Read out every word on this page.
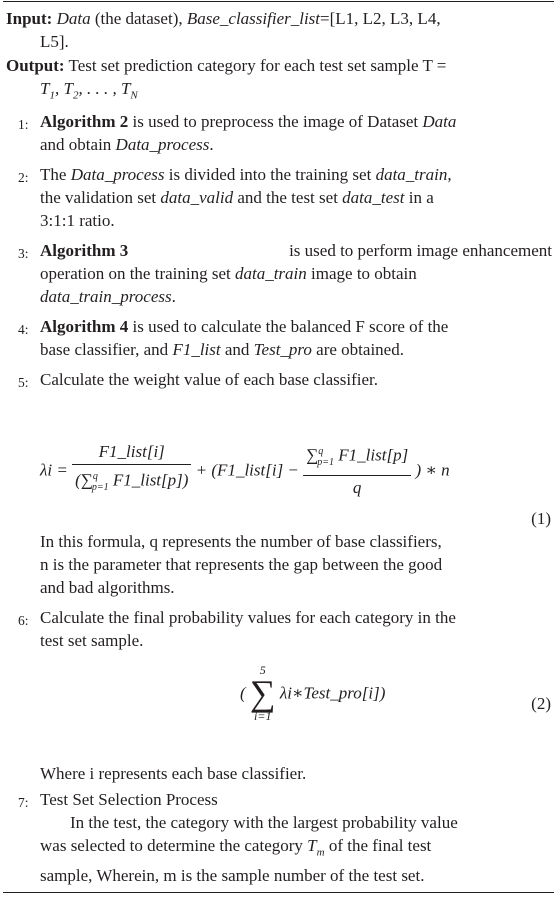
Input: Data (the dataset), Base_classifier_list=[L1, L2, L3, L4,
L5].
Output: Test set prediction category for each test set sample T =
$T_1$, $T_2$, . . . , $T_N$
1: Algorithm 2 is used to preprocess the image of Dataset Data
and obtain Data_process.
2: The Data_process is divided into the training set data_train,
the validation set data_valid and the test set data_test in a
3:1:1 ratio.
3: Algorithm 3	is used to perform image enhancement
operation on the training set data_train image to obtain
data_train_process.
4: Algorithm 4 is used to calculate the balanced F score of the
base classifier, and F1_list and Test_pro are obtained.
5: Calculate the weight value of each base classifier.
$\lambda i = \frac{\text{F1\_list[i]}}{(\sum^q_{p=1} F1\_list[p])}$ + (F1_list[i] − $\frac{\sum^q_{p=1} F1\_list[p]}{q}$ ) ∗ n
(1)
In this formula, q represents the number of base classifiers,
n is the parameter that represents the gap between the good
and bad algorithms.
6: Calculate the final probability values for each category in the
test set sample.
(
5
∑
i=1
λi∗Test_pro[i])
(2)
Where i represents each base classifier.
7: Test Set Selection Process
In the test, the category with the largest probability value
was selected to determine the category $T_m$ of the final test
sample, Wherein, m is the sample number of the test set.
